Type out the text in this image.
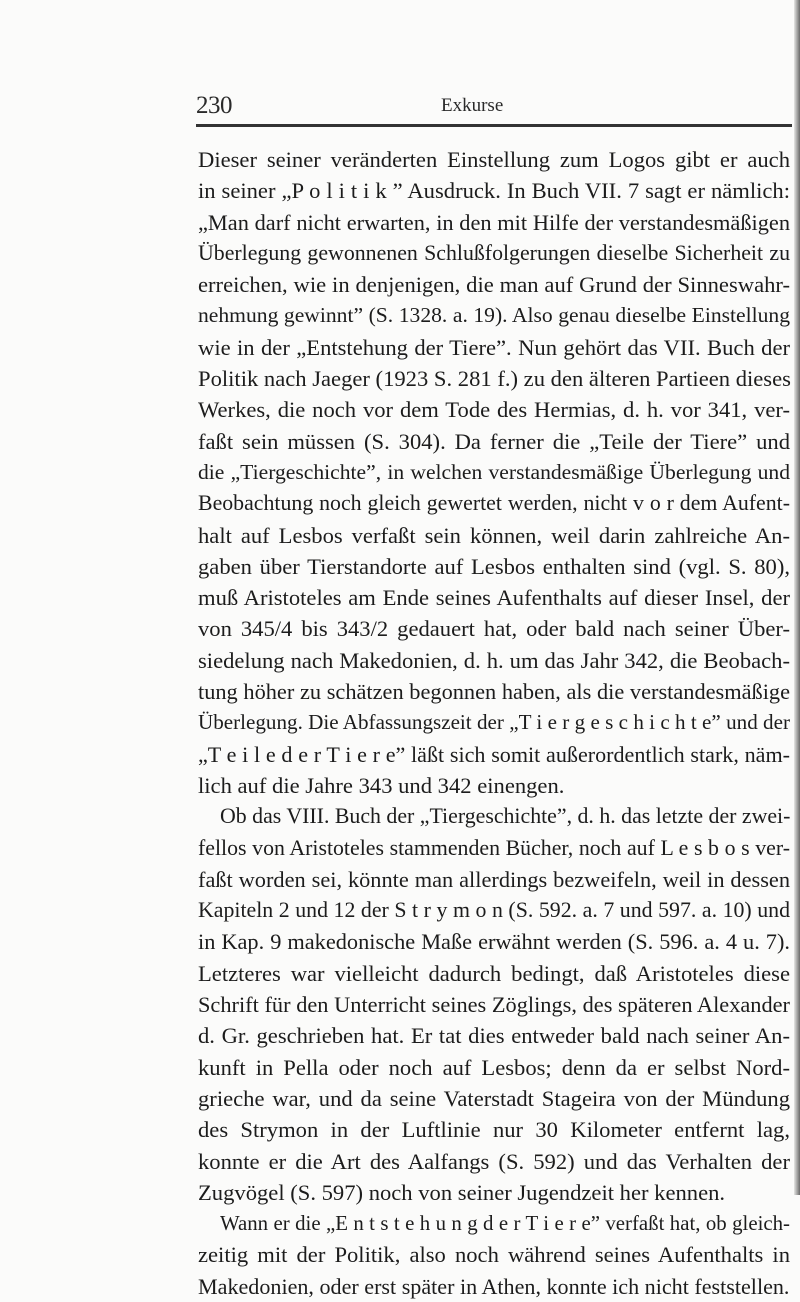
230	Exkurse
Dieser seiner veränderten Einstellung zum Logos gibt er auch
in seiner „P o l i t i k ” Ausdruck. In Buch VII. 7 sagt er nämlich:
„Man darf nicht erwarten, in den mit Hilfe der verstandesmäßigen
Überlegung gewonnenen Schlußfolgerungen dieselbe Sicherheit zu
erreichen, wie in denjenigen, die man auf Grund der Sinneswahr-
nehmung gewinnt” (S. 1328. a. 19). Also genau dieselbe Einstellung
wie in der „Entstehung der Tiere”. Nun gehört das VII. Buch der
Politik nach Jaeger (1923 S. 281 f.) zu den älteren Partieen dieses
Werkes, die noch vor dem Tode des Hermias, d. h. vor 341, ver-
faßt sein müssen (S. 304). Da ferner die „Teile der Tiere” und
die „Tiergeschichte”, in welchen verstandesmäßige Überlegung und
Beobachtung noch gleich gewertet werden, nicht v o r dem Aufent-
halt auf Lesbos verfaßt sein können, weil darin zahlreiche An-
gaben über Tierstandorte auf Lesbos enthalten sind (vgl. S. 80),
muß Aristoteles am Ende seines Aufenthalts auf dieser Insel, der
von 345/4 bis 343/2 gedauert hat, oder bald nach seiner Über-
siedelung nach Makedonien, d. h. um das Jahr 342, die Beobach-
tung höher zu schätzen begonnen haben, als die verstandesmäßige
Überlegung. Die Abfassungszeit der „T i e r g e s c h i c h t e” und der
„T e i l e d e r T i e r e” läßt sich somit außerordentlich stark, näm-
lich auf die Jahre 343 und 342 einengen.
Ob das VIII. Buch der „Tiergeschichte”, d. h. das letzte der zwei-
fellos von Aristoteles stammenden Bücher, noch auf L e s b o s ver-
faßt worden sei, könnte man allerdings bezweifeln, weil in dessen
Kapiteln 2 und 12 der S t r y m o n (S. 592. a. 7 und 597. a. 10) und
in Kap. 9 makedonische Maße erwähnt werden (S. 596. a. 4 u. 7).
Letzteres war vielleicht dadurch bedingt, daß Aristoteles diese
Schrift für den Unterricht seines Zöglings, des späteren Alexander
d. Gr. geschrieben hat. Er tat dies entweder bald nach seiner An-
kunft in Pella oder noch auf Lesbos; denn da er selbst Nord-
grieche war, und da seine Vaterstadt Stageira von der Mündung
des Strymon in der Luftlinie nur 30 Kilometer entfernt lag,
konnte er die Art des Aalfangs (S. 592) und das Verhalten der
Zugvögel (S. 597) noch von seiner Jugendzeit her kennen.
Wann er die „E n t s t e h u n g d e r T i e r e” verfaßt hat, ob gleich-
zeitig mit der Politik, also noch während seines Aufenthalts in
Makedonien, oder erst später in Athen, konnte ich nicht feststellen.
